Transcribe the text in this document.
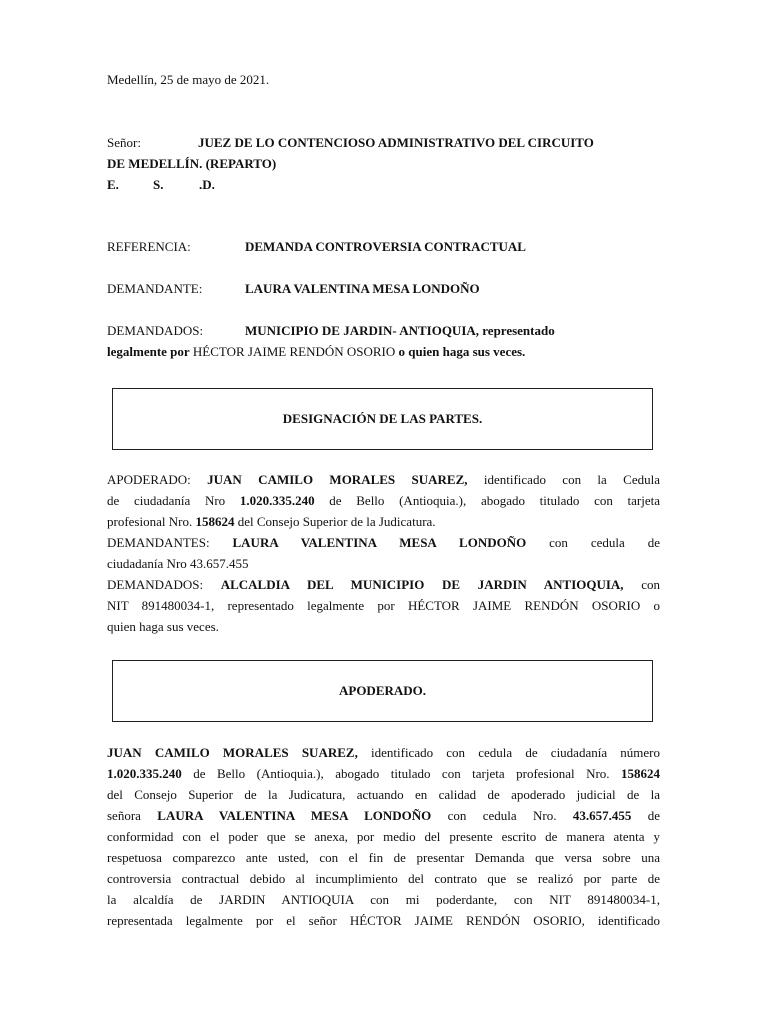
Medellín, 25 de mayo de 2021.
Señor:	JUEZ DE LO CONTENCIOSO ADMINISTRATIVO DEL CIRCUITO
DE MEDELLÍN. (REPARTO)
E.	S.	.D.
REFERENCIA:	DEMANDA CONTROVERSIA CONTRACTUAL
DEMANDANTE:	LAURA VALENTINA MESA LONDOÑO
DEMANDADOS:	MUNICIPIO DE JARDIN- ANTIOQUIA, representado
legalmente por HÉCTOR JAIME RENDÓN OSORIO o quien haga sus veces.
DESIGNACIÓN DE LAS PARTES.
APODERADO: JUAN CAMILO MORALES SUAREZ, identificado con la Cedula
de ciudadanía Nro 1.020.335.240 de Bello (Antioquia.), abogado titulado con tarjeta
profesional Nro. 158624 del Consejo Superior de la Judicatura.
DEMANDANTES: LAURA VALENTINA MESA LONDOÑO con cedula de
ciudadanía Nro 43.657.455
DEMANDADOS: ALCALDIA DEL MUNICIPIO DE JARDIN ANTIOQUIA, con
NIT 891480034-1, representado legalmente por HÉCTOR JAIME RENDÓN OSORIO o
quien haga sus veces.
APODERADO.
JUAN CAMILO MORALES SUAREZ, identificado con cedula de ciudadanía número
1.020.335.240 de Bello (Antioquia.), abogado titulado con tarjeta profesional Nro. 158624
del Consejo Superior de la Judicatura, actuando en calidad de apoderado judicial de la
señora LAURA VALENTINA MESA LONDOÑO con cedula Nro. 43.657.455 de
conformidad con el poder que se anexa, por medio del presente escrito de manera atenta y
respetuosa comparezco ante usted, con el fin de presentar Demanda que versa sobre una
controversia contractual debido al incumplimiento del contrato que se realizó por parte de
la alcaldía de JARDIN ANTIOQUIA con mi poderdante, con NIT 891480034-1,
representada legalmente por el señor HÉCTOR JAIME RENDÓN OSORIO, identificado
